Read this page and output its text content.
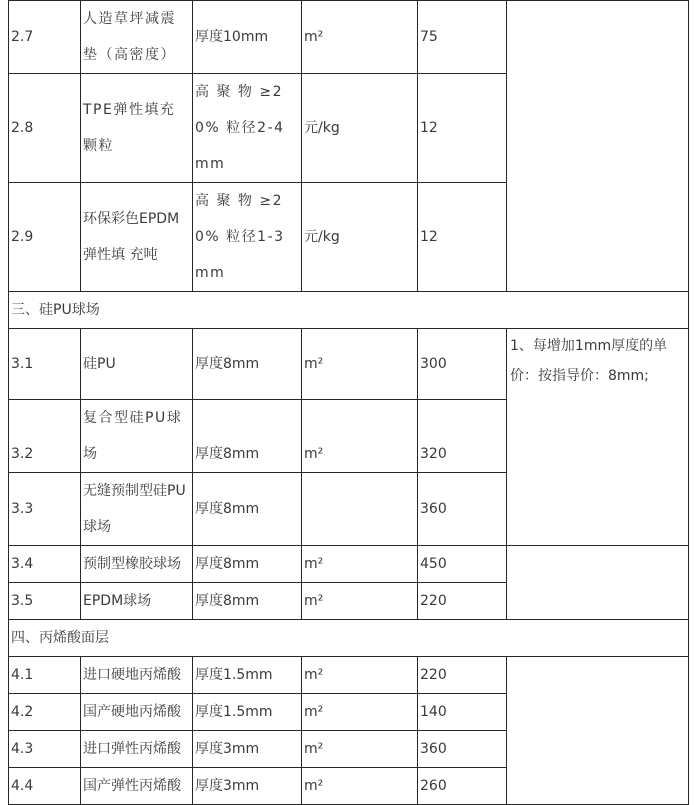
2.7	人造草坪减震垫（高密度）	厚度10mm	m²	75	
2.8	TPE弹性填充颗粒	高 聚 物 ≥20% 粒径2-4mm	元/kg	12	
2.9	环保彩色EPDM弹性填 充吨	高 聚 物 ≥20% 粒径1-3mm	元/kg	12	
三、硅PU球场					
3.1	硅PU	厚度8mm	m²	300	1、每增加1mm厚度的单价：按指导价：8mm;
3.2	复合型硅PU球场	厚度8mm	m²	320	
3.3	无缝预制型硅PU球场	厚度8mm		360	
3.4	预制型橡胶球场	厚度8mm	m²	450	
3.5	EPDM球场	厚度8mm	m²	220	
四、丙烯酸面层					
4.1	进口硬地丙烯酸	厚度1.5mm	m²	220	
4.2	国产硬地丙烯酸	厚度1.5mm	m²	140	
4.3	进口弹性丙烯酸	厚度3mm	m²	360	
4.4	国产弹性丙烯酸	厚度3mm	m²	260	
